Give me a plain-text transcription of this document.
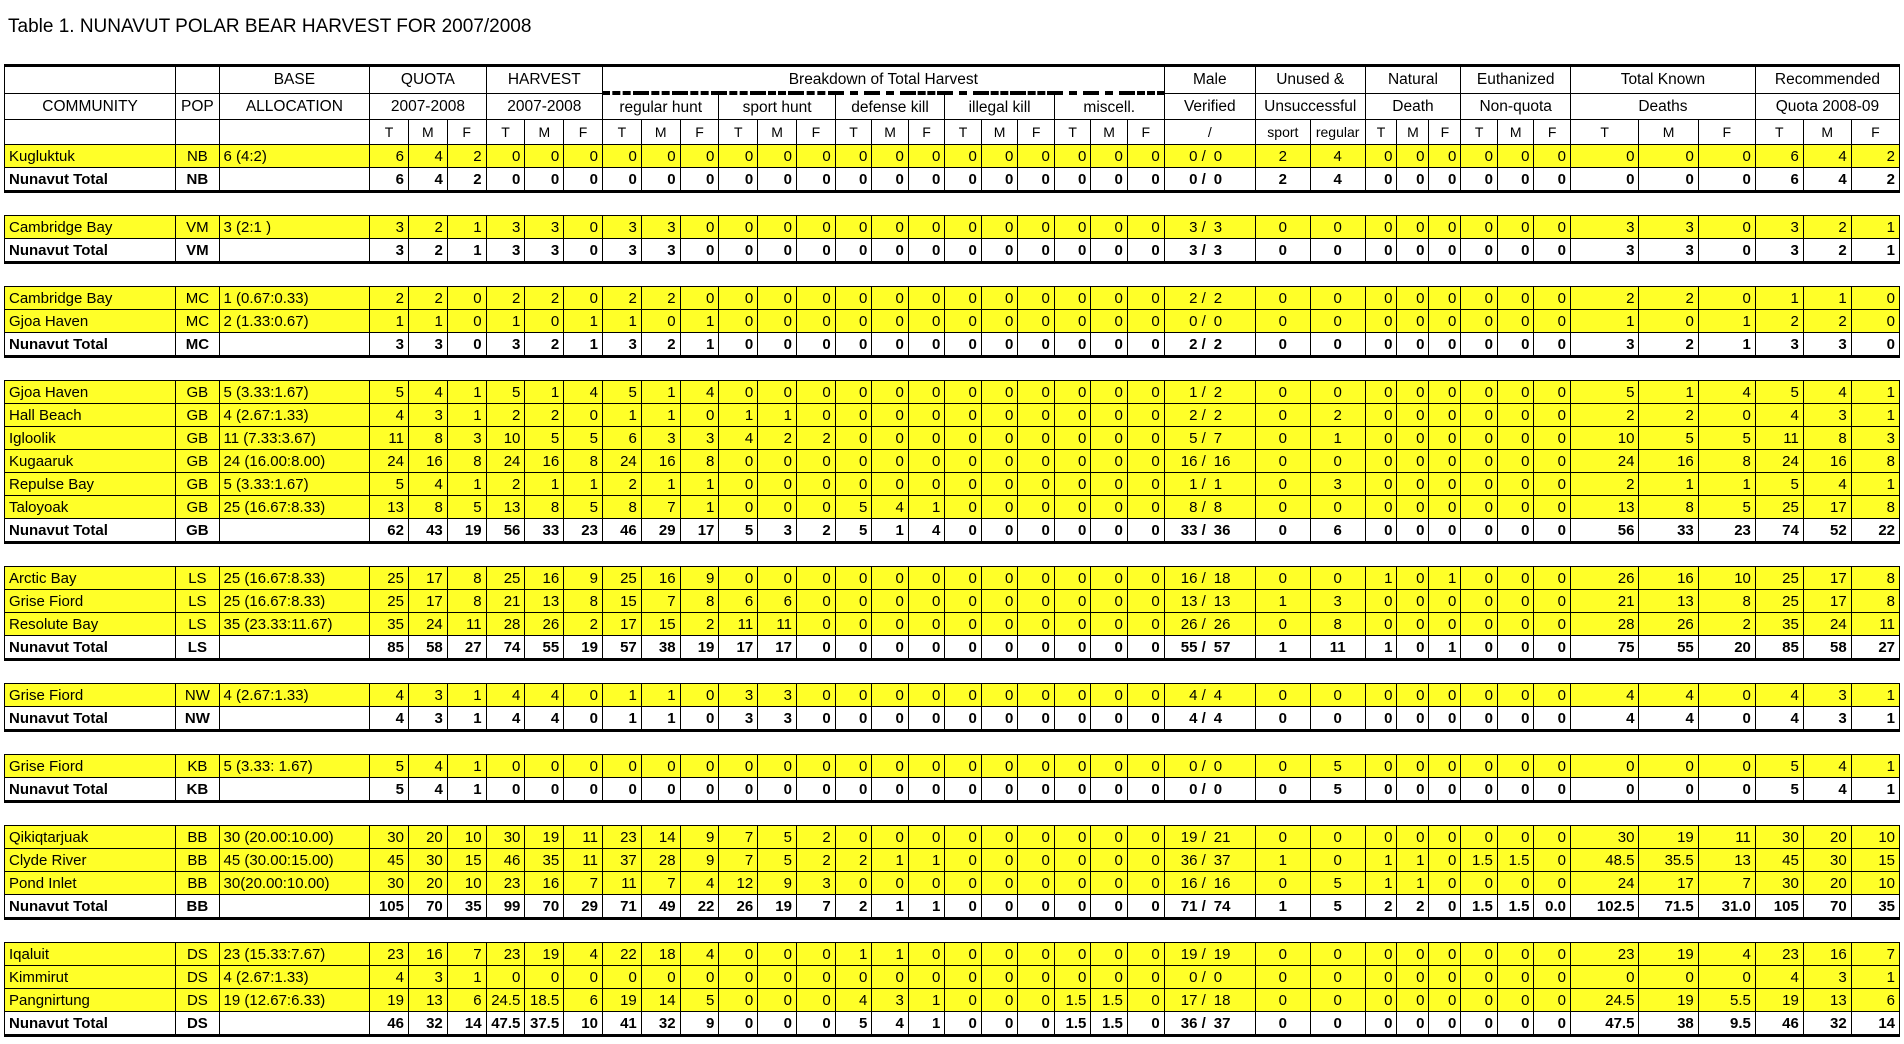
Table 1. NUNAVUT POLAR BEAR HARVEST FOR 2007/2008
		BASE	QUOTA			HARVEST			Breakdown of Total Harvest															Male		Unused &		Natural			Euthanized			Total Known			Recommended		
COMMUNITY	POP	ALLOCATION	2007-2008			2007-2008			regular hunt			sport hunt			defense kill			illegal kill			miscell.			Verified		Unsuccessful		Death			Non-quota			Deaths			Quota 2008-09		
			T	M	F	T	M	F	T	M	F	T	M	F	T	M	F	T	M	F	T	M	F	/		sport	regular	T	M	F	T	M	F	T	M	F	T	M	F
Kugluktuk	NB	6 (4:2)	6	4	2	0	0	0	0	0	0	0	0	0	0	0	0	0	0	0	0	0	0	0 /	0	2	4	0	0	0	0	0	0	0	0	0	6	4	2
Nunavut Total	NB		6	4	2	0	0	0	0	0	0	0	0	0	0	0	0	0	0	0	0	0	0	0 /	0	2	4	0	0	0	0	0	0	0	0	0	6	4	2

Cambridge Bay	VM	3 (2:1 )	3	2	1	3	3	0	3	3	0	0	0	0	0	0	0	0	0	0	0	0	0	3 /	3	0	0	0	0	0	0	0	0	3	3	0	3	2	1
Nunavut Total	VM		3	2	1	3	3	0	3	3	0	0	0	0	0	0	0	0	0	0	0	0	0	3 /	3	0	0	0	0	0	0	0	0	3	3	0	3	2	1

Cambridge Bay	MC	1 (0.67:0.33)	2	2	0	2	2	0	2	2	0	0	0	0	0	0	0	0	0	0	0	0	0	2 /	2	0	0	0	0	0	0	0	0	2	2	0	1	1	0
Gjoa Haven	MC	2 (1.33:0.67)	1	1	0	1	0	1	1	0	1	0	0	0	0	0	0	0	0	0	0	0	0	0 /	0	0	0	0	0	0	0	0	0	1	0	1	2	2	0
Nunavut Total	MC		3	3	0	3	2	1	3	2	1	0	0	0	0	0	0	0	0	0	0	0	0	2 /	2	0	0	0	0	0	0	0	0	3	2	1	3	3	0

Gjoa Haven	GB	5 (3.33:1.67)	5	4	1	5	1	4	5	1	4	0	0	0	0	0	0	0	0	0	0	0	0	1 /	2	0	0	0	0	0	0	0	0	5	1	4	5	4	1
Hall Beach	GB	4 (2.67:1.33)	4	3	1	2	2	0	1	1	0	1	1	0	0	0	0	0	0	0	0	0	0	2 /	2	0	2	0	0	0	0	0	0	2	2	0	4	3	1
Igloolik	GB	11 (7.33:3.67)	11	8	3	10	5	5	6	3	3	4	2	2	0	0	0	0	0	0	0	0	0	5 /	7	0	1	0	0	0	0	0	0	10	5	5	11	8	3
Kugaaruk	GB	24 (16.00:8.00)	24	16	8	24	16	8	24	16	8	0	0	0	0	0	0	0	0	0	0	0	0	16 /	16	0	0	0	0	0	0	0	0	24	16	8	24	16	8
Repulse Bay	GB	5 (3.33:1.67)	5	4	1	2	1	1	2	1	1	0	0	0	0	0	0	0	0	0	0	0	0	1 /	1	0	3	0	0	0	0	0	0	2	1	1	5	4	1
Taloyoak	GB	25 (16.67:8.33)	13	8	5	13	8	5	8	7	1	0	0	0	5	4	1	0	0	0	0	0	0	8 /	8	0	0	0	0	0	0	0	0	13	8	5	25	17	8
Nunavut Total	GB		62	43	19	56	33	23	46	29	17	5	3	2	5	1	4	0	0	0	0	0	0	33 /	36	0	6	0	0	0	0	0	0	56	33	23	74	52	22

Arctic Bay	LS	25 (16.67:8.33)	25	17	8	25	16	9	25	16	9	0	0	0	0	0	0	0	0	0	0	0	0	16 /	18	0	0	1	0	1	0	0	0	26	16	10	25	17	8
Grise Fiord	LS	25 (16.67:8.33)	25	17	8	21	13	8	15	7	8	6	6	0	0	0	0	0	0	0	0	0	0	13 /	13	1	3	0	0	0	0	0	0	21	13	8	25	17	8
Resolute Bay	LS	35 (23.33:11.67)	35	24	11	28	26	2	17	15	2	11	11	0	0	0	0	0	0	0	0	0	0	26 /	26	0	8	0	0	0	0	0	0	28	26	2	35	24	11
Nunavut Total	LS		85	58	27	74	55	19	57	38	19	17	17	0	0	0	0	0	0	0	0	0	0	55 /	57	1	11	1	0	1	0	0	0	75	55	20	85	58	27

Grise Fiord	NW	4 (2.67:1.33)	4	3	1	4	4	0	1	1	0	3	3	0	0	0	0	0	0	0	0	0	0	4 /	4	0	0	0	0	0	0	0	0	4	4	0	4	3	1
Nunavut Total	NW		4	3	1	4	4	0	1	1	0	3	3	0	0	0	0	0	0	0	0	0	0	4 /	4	0	0	0	0	0	0	0	0	4	4	0	4	3	1

Grise Fiord	KB	5 (3.33: 1.67)	5	4	1	0	0	0	0	0	0	0	0	0	0	0	0	0	0	0	0	0	0	0 /	0	0	5	0	0	0	0	0	0	0	0	0	5	4	1
Nunavut Total	KB		5	4	1	0	0	0	0	0	0	0	0	0	0	0	0	0	0	0	0	0	0	0 /	0	0	5	0	0	0	0	0	0	0	0	0	5	4	1

Qikiqtarjuak	BB	30 (20.00:10.00)	30	20	10	30	19	11	23	14	9	7	5	2	0	0	0	0	0	0	0	0	0	19 /	21	0	0	0	0	0	0	0	0	30	19	11	30	20	10
Clyde River	BB	45 (30.00:15.00)	45	30	15	46	35	11	37	28	9	7	5	2	2	1	1	0	0	0	0	0	0	36 /	37	1	0	1	1	0	1.5	1.5	0	48.5	35.5	13	45	30	15
Pond Inlet	BB	30(20.00:10.00)	30	20	10	23	16	7	11	7	4	12	9	3	0	0	0	0	0	0	0	0	0	16 /	16	0	5	1	1	0	0	0	0	24	17	7	30	20	10
Nunavut Total	BB		105	70	35	99	70	29	71	49	22	26	19	7	2	1	1	0	0	0	0	0	0	71 /	74	1	5	2	2	0	1.5	1.5	0.0	102.5	71.5	31.0	105	70	35

Iqaluit	DS	23 (15.33:7.67)	23	16	7	23	19	4	22	18	4	0	0	0	1	1	0	0	0	0	0	0	0	19 /	19	0	0	0	0	0	0	0	0	23	19	4	23	16	7
Kimmirut	DS	4 (2.67:1.33)	4	3	1	0	0	0	0	0	0	0	0	0	0	0	0	0	0	0	0	0	0	0 /	0	0	0	0	0	0	0	0	0	0	0	0	4	3	1
Pangnirtung	DS	19 (12.67:6.33)	19	13	6	24.5	18.5	6	19	14	5	0	0	0	4	3	1	0	0	0	1.5	1.5	0	17 /	18	0	0	0	0	0	0	0	0	24.5	19	5.5	19	13	6
Nunavut Total	DS		46	32	14	47.5	37.5	10	41	32	9	0	0	0	5	4	1	0	0	0	1.5	1.5	0	36 /	37	0	0	0	0	0	0	0	0	47.5	38	9.5	46	32	14
